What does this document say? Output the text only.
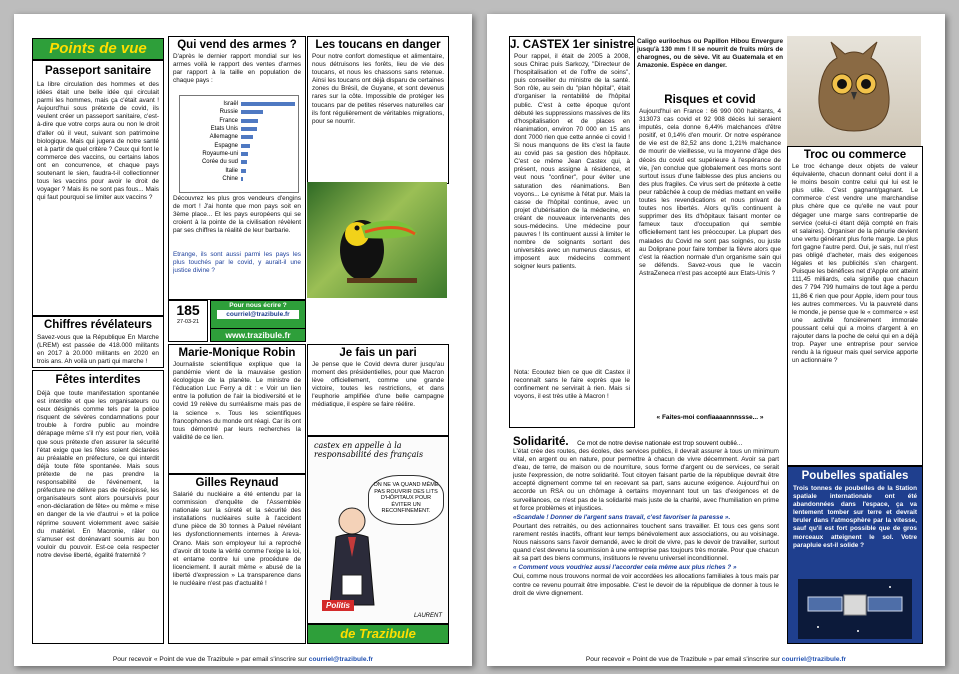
Points de vue
Passeport sanitaire
La libre circulation des hommes et des idées était une belle idée qui circulait parmi les hommes, mais ça c'était avant ! Aujourd'hui sous prétexte de covid, ils veulent créer un passeport sanitaire, c'est-à-dire que votre corps aura ou non le droit d'aller où il veut, suivant son patrimoine biologique. Mais qui jugera de notre santé et à partir de quel critère ? Ceux qui font le commerce des vaccins, ou certains labos ont en concurrence, et chaque pays soutenant le sien, faudra-t-il collectionner tous les vaccins pour avoir le droit de voyager ? Mais ils ne sont pas fous... Mais qui faut pourquoi se limiter aux vaccins ?
Chiffres révélateurs
Savez-vous que la République En Marche (LREM) est passée de 418.000 militants en 2017 à 20.000 militants en 2020 en trois ans. Ah voilà un parti qui marche !
Fêtes interdites
Déjà que toute manifestation spontanée est interdite et que les organisateurs ou ceux désignés comme tels par la police risquent de sévères condamnations pour trouble à l'ordre public au moindre dérapage même s'il n'y est pour rien, voilà que sous prétexte d'en assurer la sécurité l'état exige que les fêtes soient déclarées au préalable en préfecture, ce qui interdit déjà toute fête spontanée. Mais sous prétexte de ne pas prendre la responsabilité de l'événement, la préfecture ne délivre pas de récépissé, les organisateurs sont alors poursuivis pour «non-déclaration de fête» ou même « mise en danger de la vie d'autrui » et la police réprime souvent violemment avec saisie du matériel. En Macronie, râler ou s'amuser est dorénavant soumis au bon vouloir du pouvoir. Est-ce cela respecter notre devise liberté, égalité fraternité ?
Qui vend des armes ?
D'après le dernier rapport mondial sur les armes voilà le rapport des ventes d'armes par rapport à la taille en population de chaque pays :
Israël
Russie
France
Etats Unis
Allemagne
Espagne
Royaume-uni
Corée du sud
Italie
Chine
Découvrez les plus gros vendeurs d'engins de mort ! J'ai honte que mon pays soit en 3ème place... Et les pays européens qui se croient à la pointe de la civilisation révèlent par ses chiffres la réalité de leur barbarie.
Etrange, ils sont aussi parmi les pays les plus touchés par le covid, y aurait-il une justice divine ?
Les toucans en danger
Pour notre confort domestique et alimentaire, nous détruisons les forêts, lieu de vie des toucans, et nous les chassons sans retenue. Ainsi les toucans ont déjà disparu de certaines zones du Brésil, de Guyane, et sont devenus rares sur la côte. Impossible de protéger les toucans par de petites réserves naturelles car ils font régulièrement de véritables migrations, pour se nourrir.
185
27-03-21
Pour nous écrire ?
courriel@trazibule.fr
www.trazibule.fr
Marie-Monique Robin
Journaliste scientifique explique que la pandémie vient de la mauvaise gestion écologique de la planète. Le ministre de l'éducation Luc Ferry a dit : « Voir un lien entre la pollution de l'air la biodiversité et le covid 19 relève du surréalisme mais pas de la science ». Tous les scientifiques francophones du monde ont réagi. Car ils ont tous démontré par leurs recherches la validité de ce lien.
Gilles Reynaud
Salarié du nucléaire a été entendu par la commission d'enquête de l'Assemblée nationale sur la sûreté et la sécurité des installations nucléaires suite à l'accident d'une pièce de 30 tonnes à Paluel révélant les dysfonctionnements internes à Areva-Orano. Mais son employeur lui a reproché d'avoir dit toute la vérité comme l'exige la loi, et entame contre lui une procédure de licenciement. Il aurait même « abusé de la liberté d'expression » La transparence dans le nucléaire n'est pas d'actualité !
Je fais un pari
Je pense que le Covid devra durer jusqu'au moment des présidentielles, pour que Macron lève officiellement, comme une grande victoire, toutes les restrictions, et dans l'euphorie amplifiée d'une belle campagne médiatique, il espère se faire réélire.
castex en appelle à la responsabilité des français
ON NE VA QUAND MÊME PAS ROUVRIR DES LITS D'HÔPITAUX POUR ÉVITER UN RECONFINEMENT.
Politis
LAURENT
de Trazibule
Pour recevoir « Point de vue de Trazibule » par email s'inscrire sur courriel@trazibule.fr
J. CASTEX 1er sinistre
Pour rappel, il était de 2005 à 2008, sous Chirac puis Sarkozy, "Directeur de l'hospitalisation et de l'offre de soins", puis conseiller du ministre de la santé. Son rôle, au sein du "plan hôpital", était d'organiser la rentabilité de l'hôpital public. C'est à cette époque qu'ont débuté les suppressions massives de lits d'hospitalisation et de places en réanimation, environ 70 000 en 15 ans dont 7000 rien que cette année ci covid ! Si nous manquons de lits c'est la faute au covid pas sa gestion des hôpitaux. C'est ce même Jean Castex qui, à présent, nous assigne à résidence, et veut nous "confiner", pour éviter une saturation des réanimations. Ben voyons... Le cynisme à l'état pur. Mais la casse de l'hôpital continue, avec un projet d'ubérisation de la médecine, en créant de nouveaux intervenants des sous-médecins. Une médecine pour pauvres ! Ils continuent aussi à limiter le nombre de soignants sortant des universités avec un numerus clausus, et imposent aux médecins comment soigner leurs patients.
Nota: Ecoutez bien ce que dit Castex il reconnaît sans le faire exprès que le confinement ne servirait à rien. Mais si voyons, il est très utile à Macron !
Caligo eurilochus ou Papillon Hibou Envergure jusqu'à 130 mm ! Il se nourrit de fruits mûrs de charognes, ou de sève. Vit au Guatemala et en Amazonie. Espèce en danger.
Risques et covid
Aujourd'hui en France : 66 990 000 habitants, 4 313073 cas covid et 92 908 décès lui seraient imputés, cela donne 6,44% malchances d'être positif, et 0,14% d'en mourir. Or notre espérance de vie est de 82,52 ans donc 1,21% malchance de mourir de vieillesse, vu la moyenne d'âge des décès du covid est supérieure à l'espérance de vie, j'en conclue que globalement ces morts sont surtout issus d'une faiblesse des plus anciens ou des plus fragiles. Ce virus sert de prétexte à cette peur rabâchée à coup de médias mettant en veille toutes les revendications et nous privant de toutes nos libertés. Alors qu'ils continuent à supprimer des lits d'hôpitaux faisant monter ce fameux taux d'occupation qui semble officiellement tant les préoccuper. La plupart des malades du Covid ne sont pas soignés, ou juste au Doliprane pour faire tomber la fièvre alors que c'est la réaction normale d'un organisme sain qui se défends. Savez-vous que le vaccin AstraZeneca n'est pas accepté aux Etats-Unis ?
« Faites-moi confiaaaannnssse... »
Troc ou commerce
Le troc échange deux objets de valeur équivalente, chacun donnant celui dont il a le moins besoin contre celui qui lui est le plus utile. C'est gagnant/gagnant. Le commerce c'est vendre une marchandise plus chère que ce qu'elle ne vaut pour dégager une marge sans contrepartie de service (celui-ci étant déjà compté en frais et salaires). Organiser de la pénurie devient une vertu générant plus forte marge. Le plus fort gagne l'autre perd. Oui, je sais, nul n'est pas obligé d'acheter, mais des exigences légales et les publicités s'en chargent. Puisque les bénéfices net d'Apple ont atteint 111,45 milliards, cela signifie que chacun des 7 794 799 humains de tout âge a perdu 11,86 € rien que pour Apple, idem pour tous les autres commerces. Vu la pauvreté dans le monde, je pense que le « commerce » est une activité foncièrement immorale poussant celui qui a moins d'argent à en rajouter dans la poche de celui qui en a déjà trop. Payer une entreprise pour service rendu à la rigueur mais quel service apporte un actionnaire ?
Solidarité. Ce mot de notre devise nationale est trop souvent oublié...

L'état crée des routes, des écoles, des services publics, il devrait assurer à tous un minimum vital, en argent ou en nature, pour permettre à chacun de vivre décemment. Avoir sa part d'eau, de terre, de maison ou de nourriture, sous forme d'argent ou de services, ce serait juste l'expression, de notre solidarité. Tout citoyen faisant partie de la république devrait être accepté dignement comme tel en recevant sa part, sans aucune exigence. Aujourd'hui on accorde un RSA ou un chômage à certains moyennant tout un tas d'exigences et de surveillances, ce n'est pas de la solidarité mais juste de la charité, avec l'humiliation en prime et force problèmes et injustices.

«Scandale ! Donner de l'argent sans travail, c'est favoriser la paresse ».

Pourtant des retraités, ou des actionnaires touchent sans travailler. Et tous ces gens sont rarement restés inactifs, offrant leur temps bénévolement aux associations, ou au voisinage. Nous naissons sans l'avoir demandé, avec le droit de vivre, pas le devoir de travailler, surtout quand c'est devenu la soumission à une entreprise pas toujours très morale. Pour que chacun ait sa part des biens communs, instituons le revenu universel inconditionnel.

« Comment vous voudriez aussi l'accorder cela même aux plus riches ? »

Oui, comme nous trouvons normal de voir accordées les allocations familiales à tous mais par contre ce revenu pourrait être imposable. C'est le devoir de la république de donner à tous le droit de vivre dignement.

Poubelles spatiales
Trois tonnes de poubelles de la Station spatiale internationale ont été abandonnées dans l'espace, ça va lentement tomber sur terre et devrait bruler dans l'atmosphère par la vitesse, sauf qu'il est fort possible que de gros morceaux atteignent le sol. Votre parapluie est-il solide ?
Pour recevoir « Point de vue de Trazibule » par email s'inscrire sur courriel@trazibule.fr
